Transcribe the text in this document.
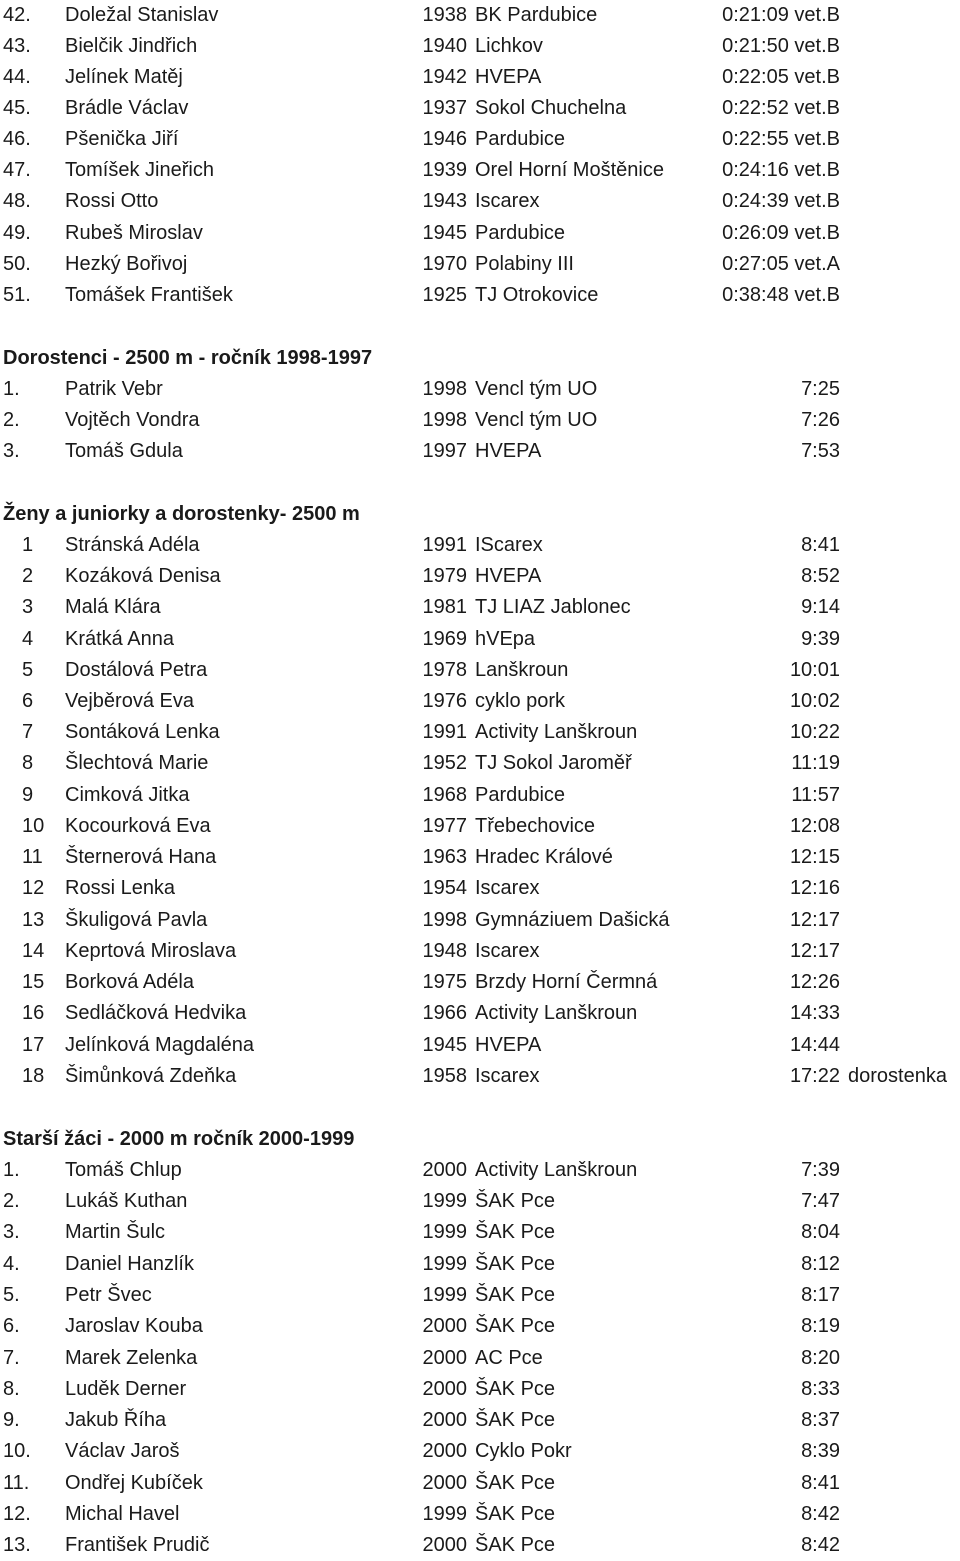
42. Doležal Stanislav	1938 BK Pardubice	0:21:09 vet.B
43. Bielčik Jindřich	1940 Lichkov	0:21:50 vet.B
44. Jelínek Matěj	1942 HVEPA	0:22:05 vet.B
45. Brádle Václav	1937 Sokol Chuchelna	0:22:52 vet.B
46. Pšenička Jiří	1946 Pardubice	0:22:55 vet.B
47. Tomíšek Jineřich	1939 Orel Horní Moštěnice	0:24:16 vet.B
48. Rossi Otto	1943 Iscarex	0:24:39 vet.B
49. Rubeš Miroslav	1945 Pardubice	0:26:09 vet.B
50. Hezký Bořivoj	1970 Polabiny III	0:27:05 vet.A
51. Tomášek František	1925 TJ Otrokovice	0:38:48 vet.B
Dorostenci - 2500 m - ročník 1998-1997
1. Patrik Vebr	1998 Vencl tým UO	7:25
2. Vojtěch Vondra	1998 Vencl tým UO	7:26
3. Tomáš Gdula	1997 HVEPA	7:53
Ženy a juniorky a dorostenky- 2500 m
1 Stránská Adéla	1991 IScarex	8:41
2 Kozáková Denisa	1979 HVEPA	8:52
3 Malá Klára	1981 TJ LIAZ Jablonec	9:14
4 Krátká Anna	1969 hVEpa	9:39
5 Dostálová Petra	1978 Lanškroun	10:01
6 Vejběrová Eva	1976 cyklo pork	10:02
7 Sontáková Lenka	1991 Activity Lanškroun	10:22
8 Šlechtová Marie	1952 TJ Sokol Jaroměř	11:19
9 Cimková Jitka	1968 Pardubice	11:57
10 Kocourková Eva	1977 Třebechovice	12:08
11 Šternerová Hana	1963 Hradec Králové	12:15
12 Rossi Lenka	1954 Iscarex	12:16
13 Škuligová Pavla	1998 Gymnáziuem Dašická	12:17
14 Keprtová Miroslava	1948 Iscarex	12:17
15 Borková Adéla	1975 Brzdy Horní Čermná	12:26
16 Sedláčková Hedvika	1966 Activity Lanškroun	14:33
17 Jelínková Magdaléna	1945 HVEPA	14:44
18 Šimůnková Zdeňka	1958 Iscarex	17:22 dorostenka
Starší žáci - 2000 m ročník 2000-1999
1. Tomáš Chlup	2000 Activity Lanškroun	7:39
2. Lukáš Kuthan	1999 ŠAK Pce	7:47
3. Martin Šulc	1999 ŠAK Pce	8:04
4. Daniel Hanzlík	1999 ŠAK Pce	8:12
5. Petr Švec	1999 ŠAK Pce	8:17
6. Jaroslav Kouba	2000 ŠAK Pce	8:19
7. Marek Zelenka	2000 AC Pce	8:20
8. Luděk Derner	2000 ŠAK Pce	8:33
9. Jakub Říha	2000 ŠAK Pce	8:37
10. Václav Jaroš	2000 Cyklo Pokr	8:39
11. Ondřej Kubíček	2000 ŠAK Pce	8:41
12. Michal Havel	1999 ŠAK Pce	8:42
13. František Prudič	2000 ŠAK Pce	8:42
